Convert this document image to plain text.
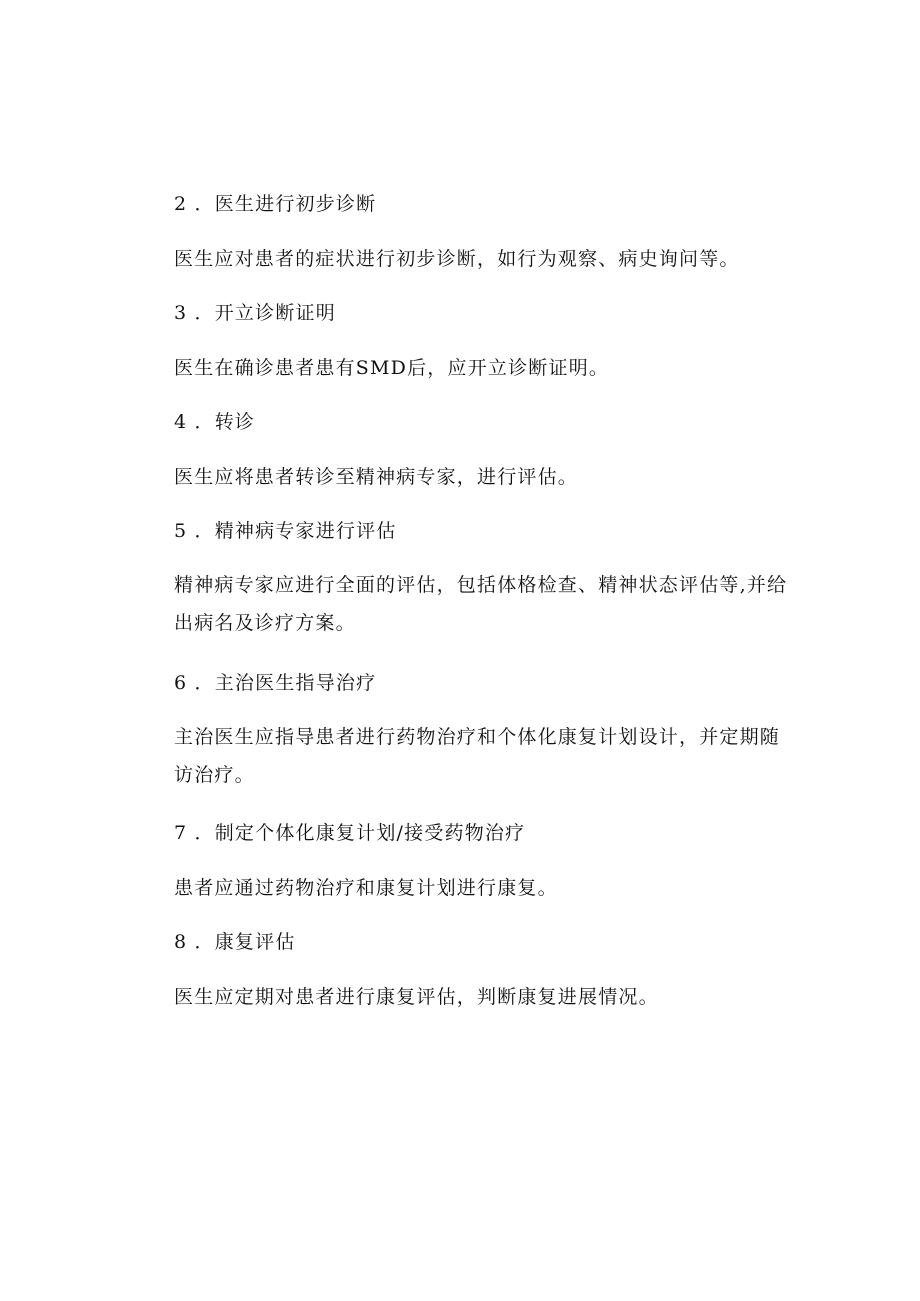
2 ．医生进行初步诊断
医生应对患者的症状进行初步诊断，如行为观察、病史询问等。
3 ．开立诊断证明
医生在确诊患者患有SMD后，应开立诊断证明。
4 ．转诊
医生应将患者转诊至精神病专家，进行评估。
5 ．精神病专家进行评估
精神病专家应进行全面的评估，包括体格检查、精神状态评估等,并给出病名及诊疗方案。
6 ．主治医生指导治疗
主治医生应指导患者进行药物治疗和个体化康复计划设计，并定期随访治疗。
7 ．制定个体化康复计划/接受药物治疗
患者应通过药物治疗和康复计划进行康复。
8 ．康复评估
医生应定期对患者进行康复评估，判断康复进展情况。
